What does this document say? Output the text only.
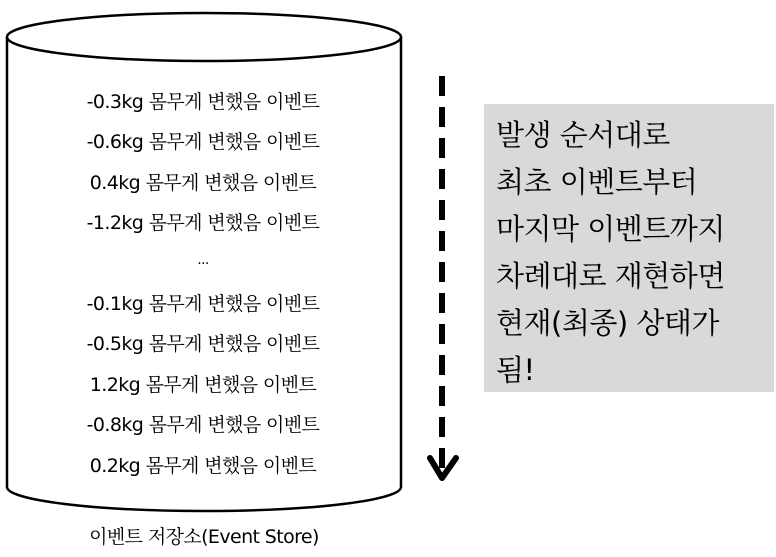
-0.3kg 몸무게 변했음 이벤트
-0.6kg 몸무게 변했음 이벤트
0.4kg 몸무게 변했음 이벤트
-1.2kg 몸무게 변했음 이벤트
...
-0.1kg 몸무게 변했음 이벤트
-0.5kg 몸무게 변했음 이벤트
1.2kg 몸무게 변했음 이벤트
-0.8kg 몸무게 변했음 이벤트
0.2kg 몸무게 변했음 이벤트
이벤트 저장소(Event Store)
발생 순서대로
최초 이벤트부터
마지막 이벤트까지
차례대로 재현하면
현재(최종) 상태가
됨!
